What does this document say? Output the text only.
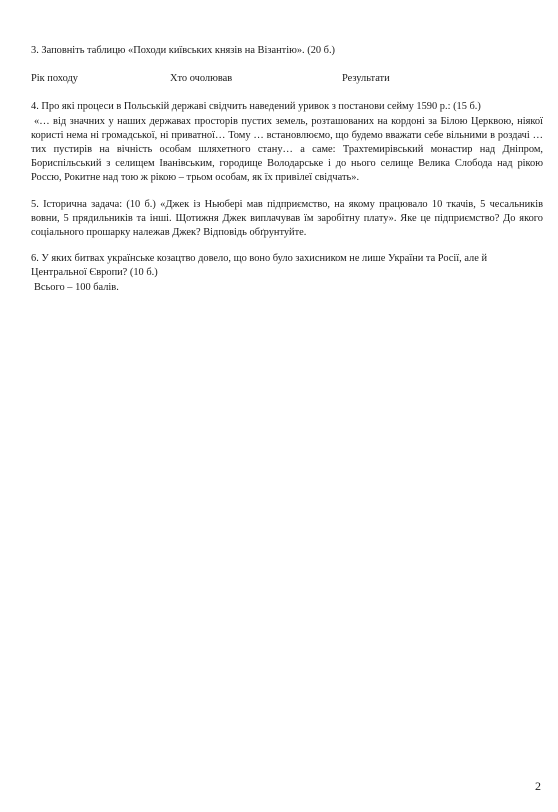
3. Заповніть таблицю «Походи київських князів на Візантію». (20 б.)

Рік походу	Хто очолював	Результати

4. Про які процеси в Польській державі свідчить наведений уривок з постанови сейму 1590 р.: (15 б.)

«… від значних у наших державах просторів пустих земель, розташованих на кордоні за Білою Церквою, ніякої користі нема ні громадської, ні приватної… Тому … встановлюємо, що будемо вважати себе вільними в роздачі … тих пустирів на вічність особам шляхетного стану… а саме: Трахтемирівський монастир над Дніпром, Бориспільський з селищем Іванівським, городище Володарське і до нього селище Велика Слобода над рікою Россю, Рокитне над тою ж рікою – трьом особам, як їх привілеї свідчать».

5. Історична задача: (10 б.) «Джек із Ньюбері мав підприємство, на якому працювало 10 ткачів, 5 чесальників вовни, 5 прядильників та інші. Щотижня Джек виплачував їм заробітну плату». Яке це підприємство? До якого соціального прошарку належав Джек? Відповідь обґрунтуйте.

6. У яких битвах українське козацтво довело, що воно було захисником не лише України та Росії, але й Центральної Європи? (10 б.)

Всього – 100 балів.

2
